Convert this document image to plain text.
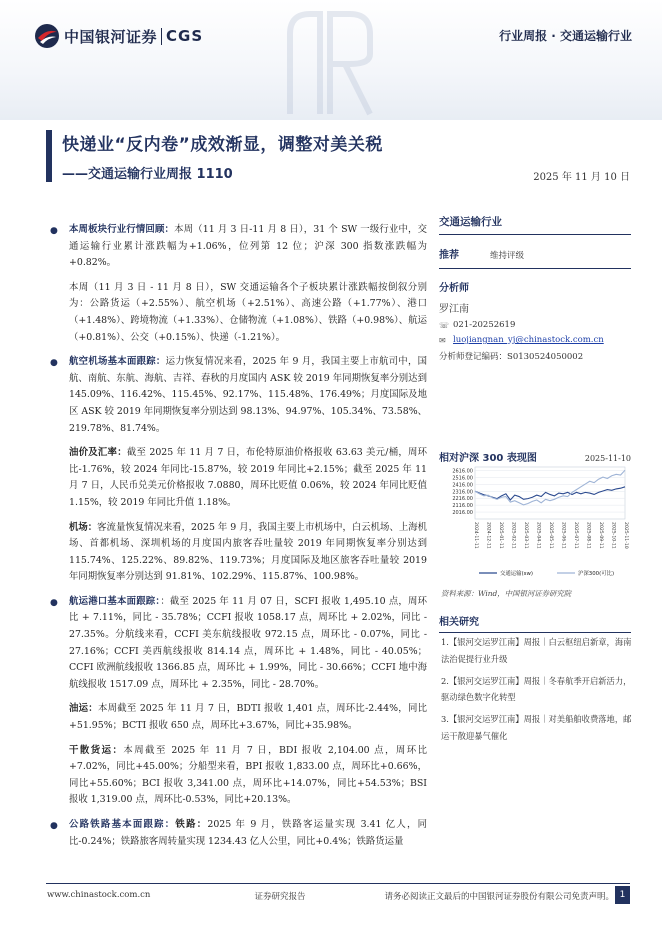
中国银河证券 CGS	行业周报 · 交通运输行业
快递业“反内卷”成效渐显，调整对美关税
——交通运输行业周报 1110	2025 年 11 月 10 日
● 本周板块行业行情回顾：本周（11 月 3 日-11 月 8 日），31 个 SW 一级行业中，交通运输行业累计涨跌幅为+1.06%，位列第 12 位；沪深 300 指数涨跌幅为+0.82%。
本周（11 月 3 日 - 11 月 8 日），SW 交通运输各个子板块累计涨跌幅按倒叙分别为：公路货运（+2.55%）、航空机场（+2.51%）、高速公路（+1.77%）、港口（+1.48%）、跨境物流（+1.33%）、仓储物流（+1.08%）、铁路（+0.98%）、航运（+0.81%）、公交（+0.15%）、快递（-1.21%）。
● 航空机场基本面跟踪：运力恢复情况来看，2025 年 9 月，我国主要上市航司中，国航、南航、东航、海航、吉祥、春秋的月度国内 ASK 较 2019 年同期恢复率分别达到 145.09%、116.42%、115.45%、92.17%、115.48%、176.49%；月度国际及地区 ASK 较 2019 年同期恢复率分别达到 98.13%、94.97%、105.34%、73.58%、219.78%、81.74%。
油价及汇率：截至 2025 年 11 月 7 日，布伦特原油价格报收 63.63 美元/桶，周环比-1.76%，较 2024 年同比-15.87%，较 2019 年同比+2.15%；截至 2025 年 11 月 7 日，人民币兑美元价格报收 7.0880，周环比贬值 0.06%，较 2024 年同比贬值 1.15%，较 2019 年同比升值 1.18%。
机场：客流量恢复情况来看，2025 年 9 月，我国主要上市机场中，白云机场、上海机场、首都机场、深圳机场的月度国内旅客吞吐量较 2019 年同期恢复率分别达到 115.74%、125.22%、89.82%、119.73%；月度国际及地区旅客吞吐量较 2019 年同期恢复率分别达到 91.81%、102.29%、115.87%、100.98%。
● 航运港口基本面跟踪：：截至 2025 年 11 月 07 日，SCFI 报收 1,495.10 点，周环比 + 7.11%，同比 - 35.78%；CCFI 报收 1058.17 点，周环比 + 2.02%，同比 - 27.35%。分航线来看，CCFI 美东航线报收 972.15 点，周环比 - 0.07%，同比 - 27.16%；CCFI 美西航线报收 814.14 点，周环比 + 1.48%，同比 - 40.05%；CCFI 欧洲航线报收 1366.85 点，周环比 + 1.99%，同比 - 30.66%；CCFI 地中海航线报收 1517.09 点，周环比 + 2.35%，同比 - 28.70%。
油运：本周截至 2025 年 11 月 7 日，BDTI 报收 1,401 点，周环比-2.44%，同比+51.95%；BCTI 报收 650 点，周环比+3.67%，同比+35.98%。
干散货运：本周截至 2025 年 11 月 7 日，BDI 报收 2,104.00 点，周环比+7.02%，同比+45.00%；分船型来看，BPI 报收 1,833.00 点，周环比+0.66%，同比+55.60%；BCI 报收 3,341.00 点，周环比+14.07%，同比+54.53%；BSI 报收 1,319.00 点，周环比-0.53%，同比+20.13%。
● 公路铁路基本面跟踪：铁路：2025 年 9 月，铁路客运量实现 3.41 亿人，同比-0.24%；铁路旅客周转量实现 1234.43 亿人公里，同比+0.4%；铁路货运量
交通运输行业
推荐	维持评级
分析师
罗江南
☏ 021-20252619
✉ luojiangnan_yj@chinastock.com.cn
分析师登记编码：S0130524050002
相对沪深 300 表现图	2025-11-10
2616.00
2516.00
2416.00
2316.00
2216.00
2116.00
2016.00
2024-11-11 2024-12-11 2025-01-11 2025-02-11 2025-03-11 2025-04-11 2025-05-11 2025-06-11 2025-07-11 2025-08-11 2025-09-11 2025-10-11 2025-11-10
交通运输(sw)	沪深300(可比)
资料来源：Wind，中国银河证券研究院
相关研究
1.【银河交运罗江南】周报｜白云枢纽启新章，海南法治促提行业升级
2.【银河交运罗江南】周报｜冬春航季开启新活力，驱动绿色数字化转型
3.【银河交运罗江南】周报｜对美船舶收费落地，邮运干散迎暴气催化
www.chinastock.com.cn	证券研究报告	请务必阅读正文最后的中国银河证券股份有限公司免责声明。 1
